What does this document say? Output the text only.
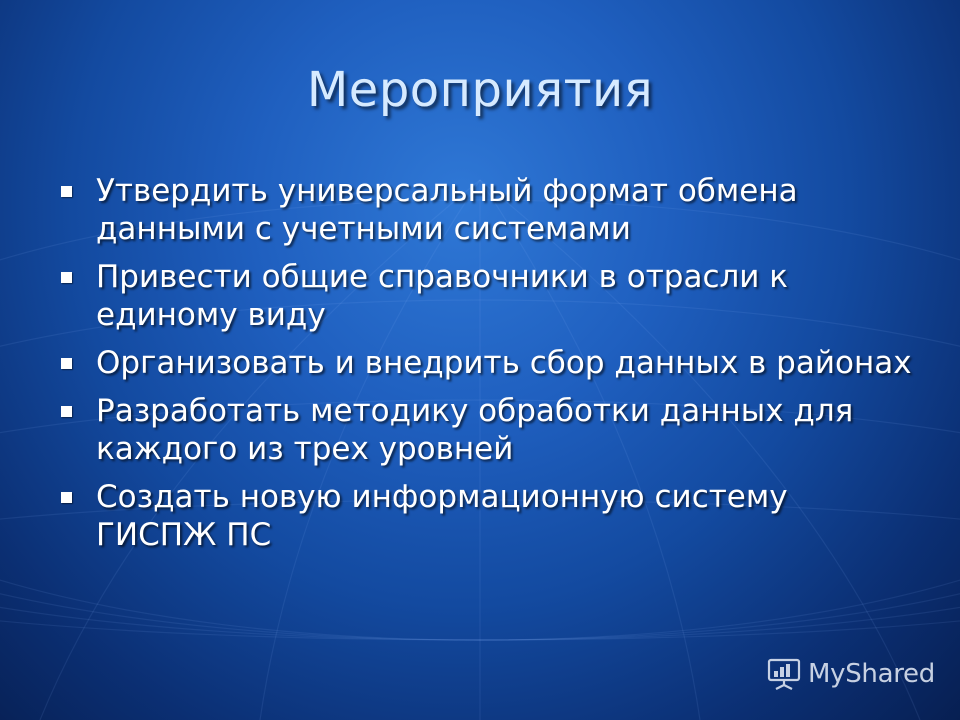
Мероприятия
Утвердить универсальный формат обмена данными с учетными системами
Привести общие справочники в отрасли к единому виду
Организовать и внедрить сбор данных в районах
Разработать методику обработки данных для каждого из трех уровней
Создать новую информационную систему ГИСПЖ ПС
MyShared
